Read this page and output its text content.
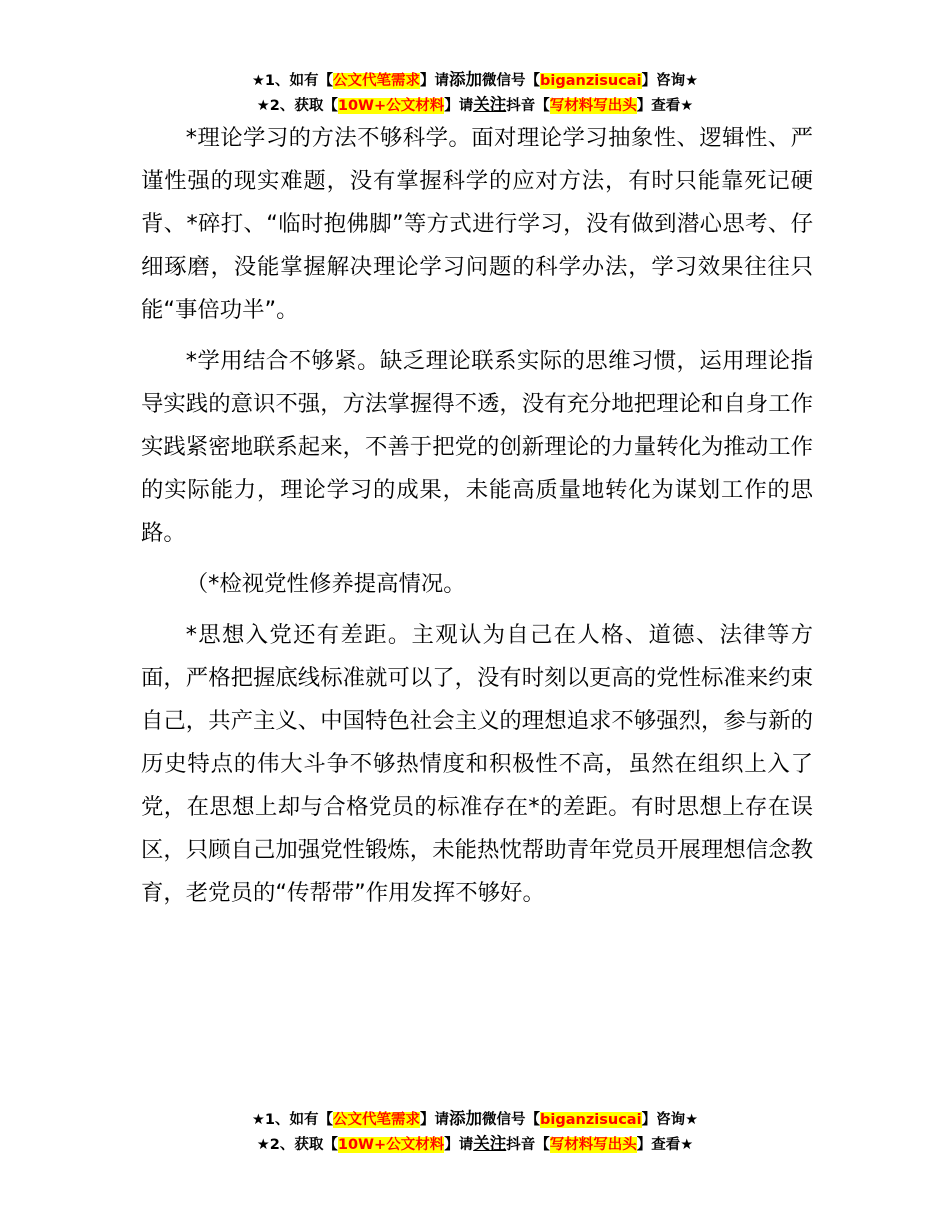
★1、如有【公文代笔需求】请添加微信号【biganzisucai】咨询★
★2、获取【10W+公文材料】请关注抖音【写材料写出头】查看★

*理论学习的方法不够科学。面对理论学习抽象性、逻辑性、严谨性强的现实难题，没有掌握科学的应对方法，有时只能靠死记硬背、*碎打、“临时抱佛脚”等方式进行学习，没有做到潜心思考、仔细琢磨，没能掌握解决理论学习问题的科学办法，学习效果往往只能“事倍功半”。

*学用结合不够紧。缺乏理论联系实际的思维习惯，运用理论指导实践的意识不强，方法掌握得不透，没有充分地把理论和自身工作实践紧密地联系起来，不善于把党的创新理论的力量转化为推动工作的实际能力，理论学习的成果，未能高质量地转化为谋划工作的思路。

（*检视党性修养提高情况。

*思想入党还有差距。主观认为自己在人格、道德、法律等方面，严格把握底线标准就可以了，没有时刻以更高的党性标准来约束自己，共产主义、中国特色社会主义的理想追求不够强烈，参与新的历史特点的伟大斗争不够热情度和积极性不高，虽然在组织上入了党，在思想上却与合格党员的标准存在*的差距。有时思想上存在误区，只顾自己加强党性锻炼，未能热忱帮助青年党员开展理想信念教育，老党员的“传帮带”作用发挥不够好。

★1、如有【公文代笔需求】请添加微信号【biganzisucai】咨询★
★2、获取【10W+公文材料】请关注抖音【写材料写出头】查看★
